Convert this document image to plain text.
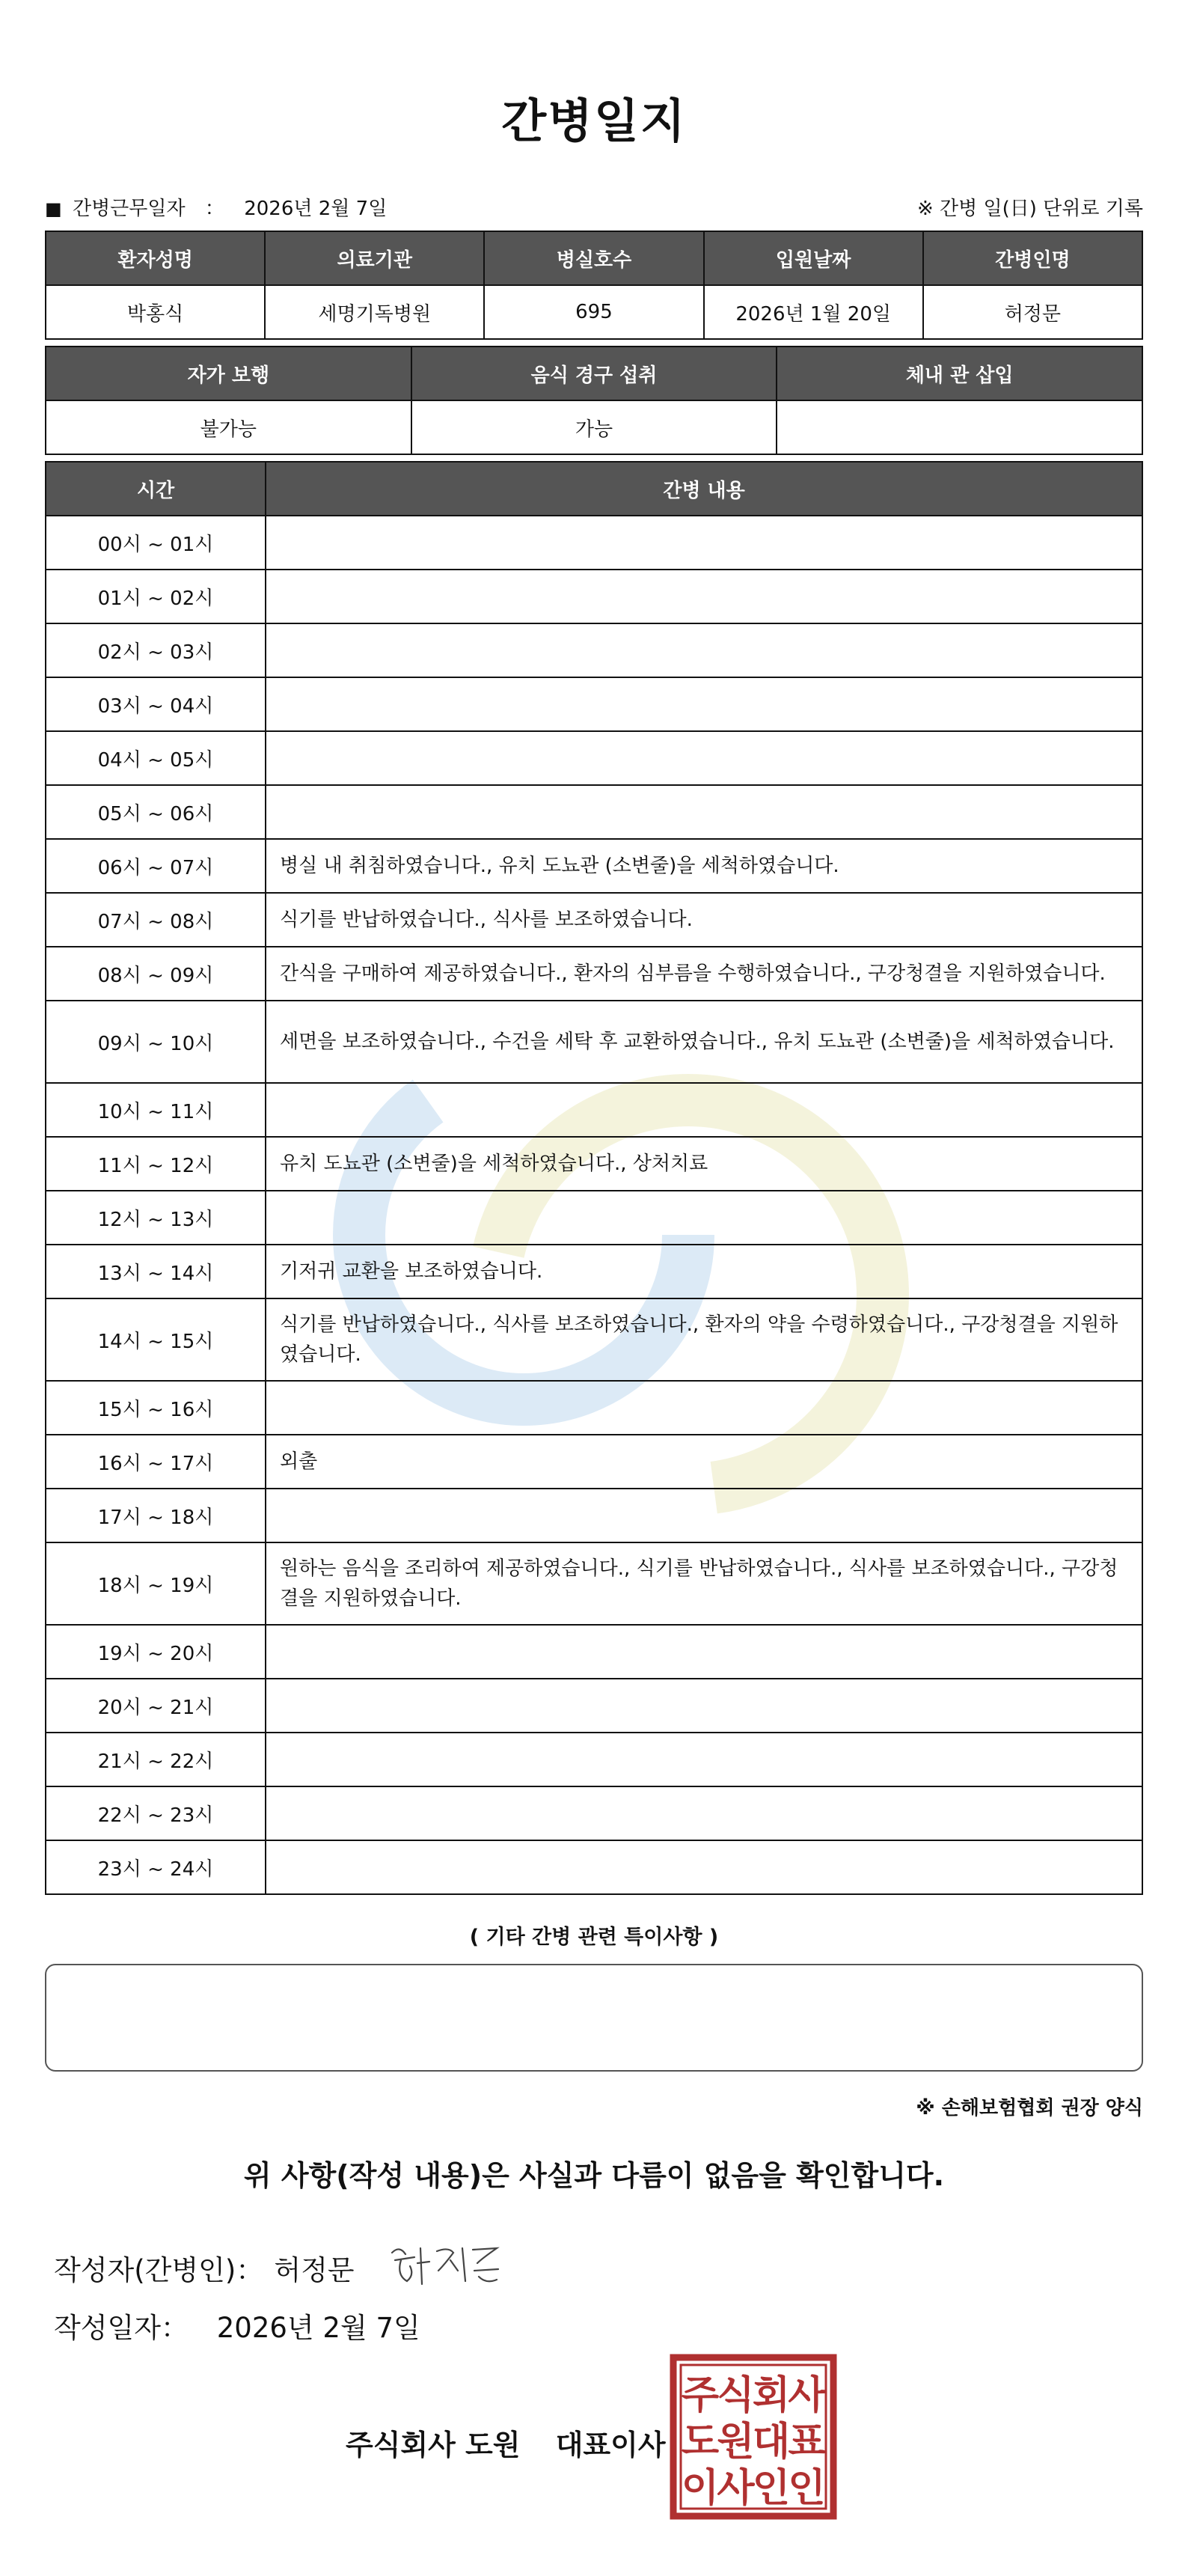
간병일지
■ 간병근무일자 ： 2026년 2월 7일	※ 간병 일(日) 단위로 기록
환자성명	의료기관	병실호수	입원날짜	간병인명
박홍식	세명기독병원	695	2026년 1월 20일	허정문
자가 보행	음식 경구 섭취	체내 관 삽입
불가능	가능	
시간	간병 내용
00시 ~ 01시	
01시 ~ 02시	
02시 ~ 03시	
03시 ~ 04시	
04시 ~ 05시	
05시 ~ 06시	
06시 ~ 07시	병실 내 취침하였습니다., 유치 도뇨관 (소변줄)을 세척하였습니다.
07시 ~ 08시	식기를 반납하였습니다., 식사를 보조하였습니다.
08시 ~ 09시	간식을 구매하여 제공하였습니다., 환자의 심부름을 수행하였습니다., 구강청결을 지원하였습니다.
09시 ~ 10시	세면을 보조하였습니다., 수건을 세탁 후 교환하였습니다., 유치 도뇨관 (소변줄)을 세척하였습니다.
10시 ~ 11시	
11시 ~ 12시	유치 도뇨관 (소변줄)을 세척하였습니다., 상처치료
12시 ~ 13시	
13시 ~ 14시	기저귀 교환을 보조하였습니다.
14시 ~ 15시	식기를 반납하였습니다., 식사를 보조하였습니다., 환자의 약을 수령하였습니다., 구강청결을 지원하였습니다.
15시 ~ 16시	
16시 ~ 17시	외출
17시 ~ 18시	
18시 ~ 19시	원하는 음식을 조리하여 제공하였습니다., 식기를 반납하였습니다., 식사를 보조하였습니다., 구강청결을 지원하였습니다.
19시 ~ 20시	
20시 ~ 21시	
21시 ~ 22시	
22시 ~ 23시	
23시 ~ 24시	
( 기타 간병 관련 특이사항 )
※ 손해보험협회 권장 양식
위 사항(작성 내용)은 사실과 다름이 없음을 확인합니다.
작성자(간병인)： 허정문
작성일자： 2026년 2월 7일
주식회사 도원 대표이사
주
식
회
사
도
원
대
표
이
사
인
인
